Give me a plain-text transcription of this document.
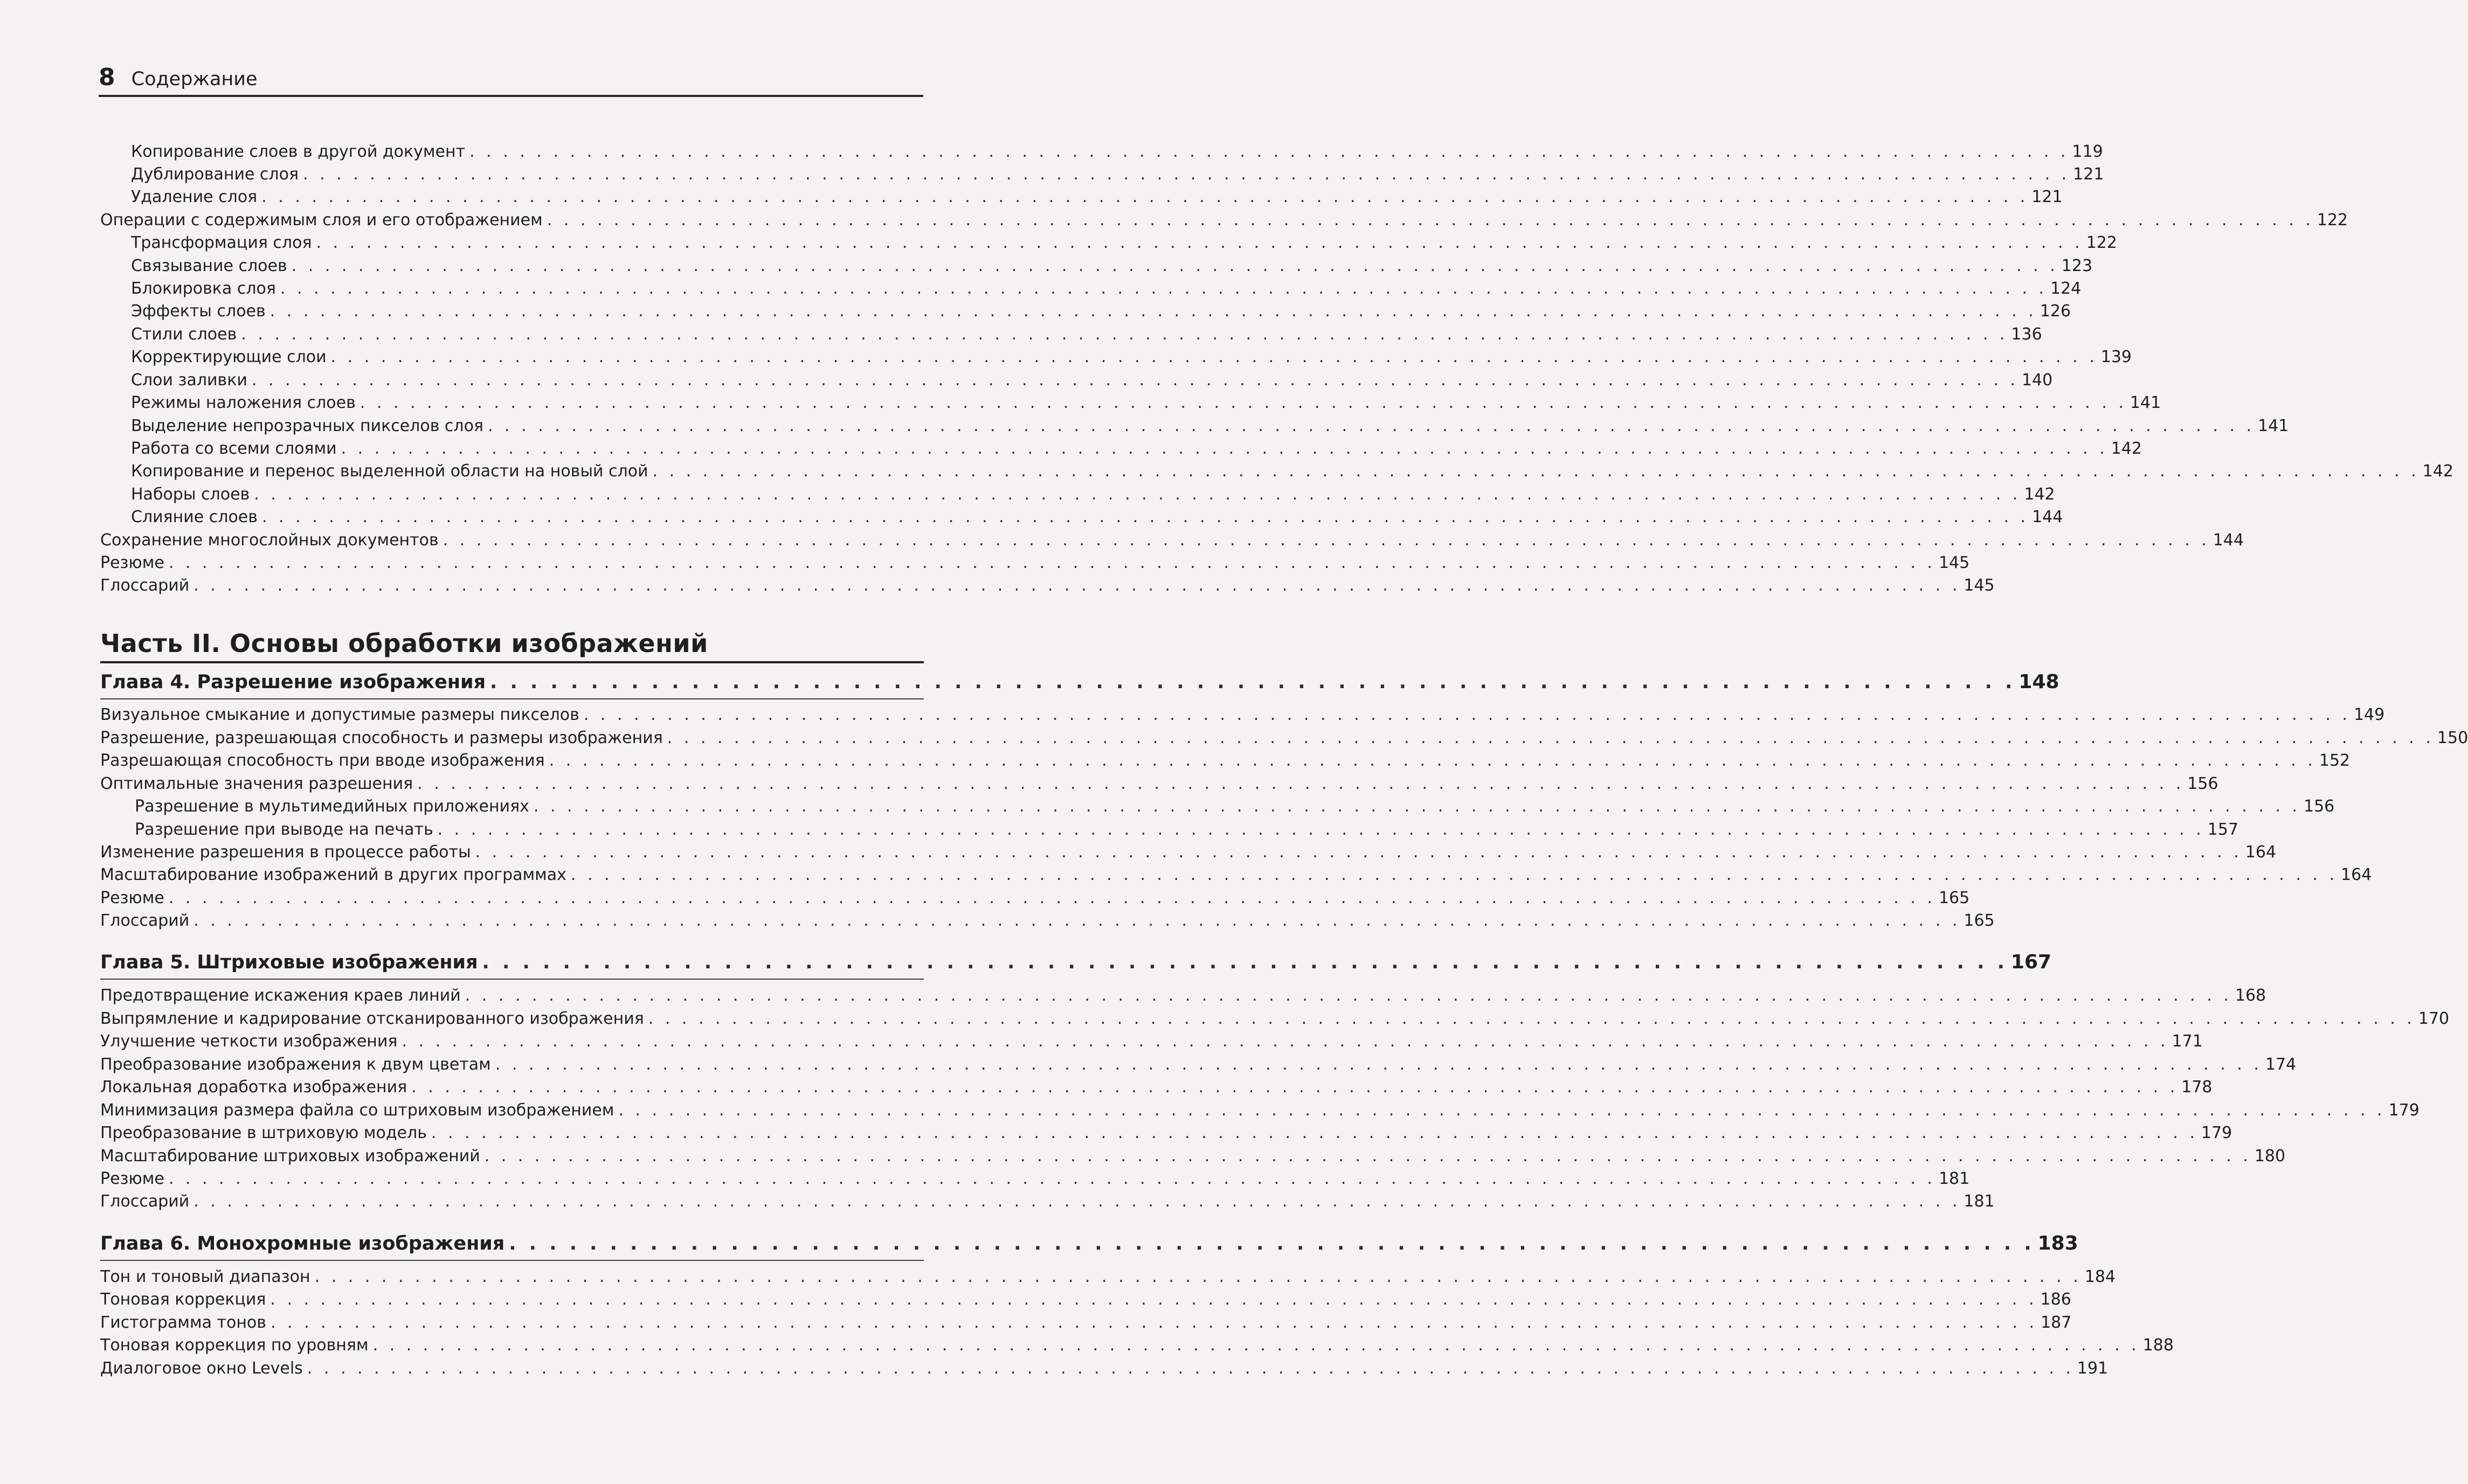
8 Содержание
Часть II. Основы обработки изображений
Копирование слоев в другой документ . . . . . . . . . . . . . . . . . . . . . . . . . . . . . . . . . . . . . . . . . . . . . . . . . . . . . . . . . . . . . . . . . . . . . . . . . . . . . . . . . . . . . . . . . . . . . . . . 119
Дублирование слоя . . . . . . . . . . . . . . . . . . . . . . . . . . . . . . . . . . . . . . . . . . . . . . . . . . . . . . . . . . . . . . . . . . . . . . . . . . . . . . . . . . . . . . . . . . . . . . . . . . . . . . . . . . 121
Удаление слоя . . . . . . . . . . . . . . . . . . . . . . . . . . . . . . . . . . . . . . . . . . . . . . . . . . . . . . . . . . . . . . . . . . . . . . . . . . . . . . . . . . . . . . . . . . . . . . . . . . . . . . . . . . 121
Операции с содержимым слоя и его отображением . . . . . . . . . . . . . . . . . . . . . . . . . . . . . . . . . . . . . . . . . . . . . . . . . . . . . . . . . . . . . . . . . . . . . . . . . . . . . . . . . . . . . . . . . . . . . . . . . . . . . . . . . . 122
Трансформация слоя . . . . . . . . . . . . . . . . . . . . . . . . . . . . . . . . . . . . . . . . . . . . . . . . . . . . . . . . . . . . . . . . . . . . . . . . . . . . . . . . . . . . . . . . . . . . . . . . . . . . . . . . . . 122
Связывание слоев . . . . . . . . . . . . . . . . . . . . . . . . . . . . . . . . . . . . . . . . . . . . . . . . . . . . . . . . . . . . . . . . . . . . . . . . . . . . . . . . . . . . . . . . . . . . . . . . . . . . . . . . . . 123
Блокировка слоя . . . . . . . . . . . . . . . . . . . . . . . . . . . . . . . . . . . . . . . . . . . . . . . . . . . . . . . . . . . . . . . . . . . . . . . . . . . . . . . . . . . . . . . . . . . . . . . . . . . . . . . . . . 124
Эффекты слоев . . . . . . . . . . . . . . . . . . . . . . . . . . . . . . . . . . . . . . . . . . . . . . . . . . . . . . . . . . . . . . . . . . . . . . . . . . . . . . . . . . . . . . . . . . . . . . . . . . . . . . . . . . 126
Стили слоев . . . . . . . . . . . . . . . . . . . . . . . . . . . . . . . . . . . . . . . . . . . . . . . . . . . . . . . . . . . . . . . . . . . . . . . . . . . . . . . . . . . . . . . . . . . . . . . . . . . . . . . . . . 136
Корректирующие слои . . . . . . . . . . . . . . . . . . . . . . . . . . . . . . . . . . . . . . . . . . . . . . . . . . . . . . . . . . . . . . . . . . . . . . . . . . . . . . . . . . . . . . . . . . . . . . . . . . . . . . . . . . 139
Слои заливки . . . . . . . . . . . . . . . . . . . . . . . . . . . . . . . . . . . . . . . . . . . . . . . . . . . . . . . . . . . . . . . . . . . . . . . . . . . . . . . . . . . . . . . . . . . . . . . . . . . . . . . . . . 140
Режимы наложения слоев . . . . . . . . . . . . . . . . . . . . . . . . . . . . . . . . . . . . . . . . . . . . . . . . . . . . . . . . . . . . . . . . . . . . . . . . . . . . . . . . . . . . . . . . . . . . . . . . . . . . . . . . . . 141
Выделение непрозрачных пикселов слоя . . . . . . . . . . . . . . . . . . . . . . . . . . . . . . . . . . . . . . . . . . . . . . . . . . . . . . . . . . . . . . . . . . . . . . . . . . . . . . . . . . . . . . . . . . . . . . . . . . . . . . . . . . 141
Работа со всеми слоями . . . . . . . . . . . . . . . . . . . . . . . . . . . . . . . . . . . . . . . . . . . . . . . . . . . . . . . . . . . . . . . . . . . . . . . . . . . . . . . . . . . . . . . . . . . . . . . . . . . . . . . . . . 142
Копирование и перенос выделенной области на новый слой . . . . . . . . . . . . . . . . . . . . . . . . . . . . . . . . . . . . . . . . . . . . . . . . . . . . . . . . . . . . . . . . . . . . . . . . . . . . . . . . . . . . . . . . . . . . . . . . . . . . . . . . . . 142
Наборы слоев . . . . . . . . . . . . . . . . . . . . . . . . . . . . . . . . . . . . . . . . . . . . . . . . . . . . . . . . . . . . . . . . . . . . . . . . . . . . . . . . . . . . . . . . . . . . . . . . . . . . . . . . . . 142
Слияние слоев . . . . . . . . . . . . . . . . . . . . . . . . . . . . . . . . . . . . . . . . . . . . . . . . . . . . . . . . . . . . . . . . . . . . . . . . . . . . . . . . . . . . . . . . . . . . . . . . . . . . . . . . . . 144
Сохранение многослойных документов . . . . . . . . . . . . . . . . . . . . . . . . . . . . . . . . . . . . . . . . . . . . . . . . . . . . . . . . . . . . . . . . . . . . . . . . . . . . . . . . . . . . . . . . . . . . . . . . . . . . . . . . . . 144
Резюме . . . . . . . . . . . . . . . . . . . . . . . . . . . . . . . . . . . . . . . . . . . . . . . . . . . . . . . . . . . . . . . . . . . . . . . . . . . . . . . . . . . . . . . . . . . . . . . . . . . . . . . . . . 145
Глоссарий . . . . . . . . . . . . . . . . . . . . . . . . . . . . . . . . . . . . . . . . . . . . . . . . . . . . . . . . . . . . . . . . . . . . . . . . . . . . . . . . . . . . . . . . . . . . . . . . . . . . . . . . . . 145
Глава 4. Разрешение изображения . . . . . . . . . . . . . . . . . . . . . . . . . . . . . . . . . . . . . . . . . . . . . . . . . . . . . . . . . . . . . . . . . . . . . . . . . . . . 148
Визуальное смыкание и допустимые размеры пикселов . . . . . . . . . . . . . . . . . . . . . . . . . . . . . . . . . . . . . . . . . . . . . . . . . . . . . . . . . . . . . . . . . . . . . . . . . . . . . . . . . . . . . . . . . . . . . . . . . . . . . . . . . . 149
Разрешение, разрешающая способность и размеры изображения . . . . . . . . . . . . . . . . . . . . . . . . . . . . . . . . . . . . . . . . . . . . . . . . . . . . . . . . . . . . . . . . . . . . . . . . . . . . . . . . . . . . . . . . . . . . . . . . . . . . . . . . . . 150
Разрешающая способность при вводе изображения . . . . . . . . . . . . . . . . . . . . . . . . . . . . . . . . . . . . . . . . . . . . . . . . . . . . . . . . . . . . . . . . . . . . . . . . . . . . . . . . . . . . . . . . . . . . . . . . . . . . . . . . . . 152
Оптимальные значения разрешения . . . . . . . . . . . . . . . . . . . . . . . . . . . . . . . . . . . . . . . . . . . . . . . . . . . . . . . . . . . . . . . . . . . . . . . . . . . . . . . . . . . . . . . . . . . . . . . . . . . . . . . . . . 156
Разрешение в мультимедийных приложениях . . . . . . . . . . . . . . . . . . . . . . . . . . . . . . . . . . . . . . . . . . . . . . . . . . . . . . . . . . . . . . . . . . . . . . . . . . . . . . . . . . . . . . . . . . . . . . . . . . . . . . . . . . 156
Разрешение при выводе на печать . . . . . . . . . . . . . . . . . . . . . . . . . . . . . . . . . . . . . . . . . . . . . . . . . . . . . . . . . . . . . . . . . . . . . . . . . . . . . . . . . . . . . . . . . . . . . . . . . . . . . . . . . . 157
Изменение разрешения в процессе работы . . . . . . . . . . . . . . . . . . . . . . . . . . . . . . . . . . . . . . . . . . . . . . . . . . . . . . . . . . . . . . . . . . . . . . . . . . . . . . . . . . . . . . . . . . . . . . . . . . . . . . . . . . 164
Масштабирование изображений в других программах . . . . . . . . . . . . . . . . . . . . . . . . . . . . . . . . . . . . . . . . . . . . . . . . . . . . . . . . . . . . . . . . . . . . . . . . . . . . . . . . . . . . . . . . . . . . . . . . . . . . . . . . . . 164
Резюме . . . . . . . . . . . . . . . . . . . . . . . . . . . . . . . . . . . . . . . . . . . . . . . . . . . . . . . . . . . . . . . . . . . . . . . . . . . . . . . . . . . . . . . . . . . . . . . . . . . . . . . . . . 165
Глоссарий . . . . . . . . . . . . . . . . . . . . . . . . . . . . . . . . . . . . . . . . . . . . . . . . . . . . . . . . . . . . . . . . . . . . . . . . . . . . . . . . . . . . . . . . . . . . . . . . . . . . . . . . . . 165
Глава 5. Штриховые изображения . . . . . . . . . . . . . . . . . . . . . . . . . . . . . . . . . . . . . . . . . . . . . . . . . . . . . . . . . . . . . . . . . . . . . . . . . . . . 167
Предотвращение искажения краев линий . . . . . . . . . . . . . . . . . . . . . . . . . . . . . . . . . . . . . . . . . . . . . . . . . . . . . . . . . . . . . . . . . . . . . . . . . . . . . . . . . . . . . . . . . . . . . . . . . . . . . . . . . . 168
Выпрямление и кадрирование отсканированного изображения . . . . . . . . . . . . . . . . . . . . . . . . . . . . . . . . . . . . . . . . . . . . . . . . . . . . . . . . . . . . . . . . . . . . . . . . . . . . . . . . . . . . . . . . . . . . . . . . . . . . . . . . . . 170
Улучшение четкости изображения . . . . . . . . . . . . . . . . . . . . . . . . . . . . . . . . . . . . . . . . . . . . . . . . . . . . . . . . . . . . . . . . . . . . . . . . . . . . . . . . . . . . . . . . . . . . . . . . . . . . . . . . . . 171
Преобразование изображения к двум цветам . . . . . . . . . . . . . . . . . . . . . . . . . . . . . . . . . . . . . . . . . . . . . . . . . . . . . . . . . . . . . . . . . . . . . . . . . . . . . . . . . . . . . . . . . . . . . . . . . . . . . . . . . . 174
Локальная доработка изображения . . . . . . . . . . . . . . . . . . . . . . . . . . . . . . . . . . . . . . . . . . . . . . . . . . . . . . . . . . . . . . . . . . . . . . . . . . . . . . . . . . . . . . . . . . . . . . . . . . . . . . . . . . 178
Минимизация размера файла со штриховым изображением . . . . . . . . . . . . . . . . . . . . . . . . . . . . . . . . . . . . . . . . . . . . . . . . . . . . . . . . . . . . . . . . . . . . . . . . . . . . . . . . . . . . . . . . . . . . . . . . . . . . . . . . . . 179
Преобразование в штриховую модель . . . . . . . . . . . . . . . . . . . . . . . . . . . . . . . . . . . . . . . . . . . . . . . . . . . . . . . . . . . . . . . . . . . . . . . . . . . . . . . . . . . . . . . . . . . . . . . . . . . . . . . . . . 179
Масштабирование штриховых изображений . . . . . . . . . . . . . . . . . . . . . . . . . . . . . . . . . . . . . . . . . . . . . . . . . . . . . . . . . . . . . . . . . . . . . . . . . . . . . . . . . . . . . . . . . . . . . . . . . . . . . . . . . . 180
Резюме . . . . . . . . . . . . . . . . . . . . . . . . . . . . . . . . . . . . . . . . . . . . . . . . . . . . . . . . . . . . . . . . . . . . . . . . . . . . . . . . . . . . . . . . . . . . . . . . . . . . . . . . . . 181
Глоссарий . . . . . . . . . . . . . . . . . . . . . . . . . . . . . . . . . . . . . . . . . . . . . . . . . . . . . . . . . . . . . . . . . . . . . . . . . . . . . . . . . . . . . . . . . . . . . . . . . . . . . . . . . . 181
Глава 6. Монохромные изображения . . . . . . . . . . . . . . . . . . . . . . . . . . . . . . . . . . . . . . . . . . . . . . . . . . . . . . . . . . . . . . . . . . . . . . . . . . . . 183
Тон и тоновый диапазон . . . . . . . . . . . . . . . . . . . . . . . . . . . . . . . . . . . . . . . . . . . . . . . . . . . . . . . . . . . . . . . . . . . . . . . . . . . . . . . . . . . . . . . . . . . . . . . . . . . . . . . . . . 184
Тоновая коррекция . . . . . . . . . . . . . . . . . . . . . . . . . . . . . . . . . . . . . . . . . . . . . . . . . . . . . . . . . . . . . . . . . . . . . . . . . . . . . . . . . . . . . . . . . . . . . . . . . . . . . . . . . . 186
Гистограмма тонов . . . . . . . . . . . . . . . . . . . . . . . . . . . . . . . . . . . . . . . . . . . . . . . . . . . . . . . . . . . . . . . . . . . . . . . . . . . . . . . . . . . . . . . . . . . . . . . . . . . . . . . . . . 187
Тоновая коррекция по уровням . . . . . . . . . . . . . . . . . . . . . . . . . . . . . . . . . . . . . . . . . . . . . . . . . . . . . . . . . . . . . . . . . . . . . . . . . . . . . . . . . . . . . . . . . . . . . . . . . . . . . . . . . . 188
Диалоговое окно Levels . . . . . . . . . . . . . . . . . . . . . . . . . . . . . . . . . . . . . . . . . . . . . . . . . . . . . . . . . . . . . . . . . . . . . . . . . . . . . . . . . . . . . . . . . . . . . . . . . . . . . . . . . . 191
